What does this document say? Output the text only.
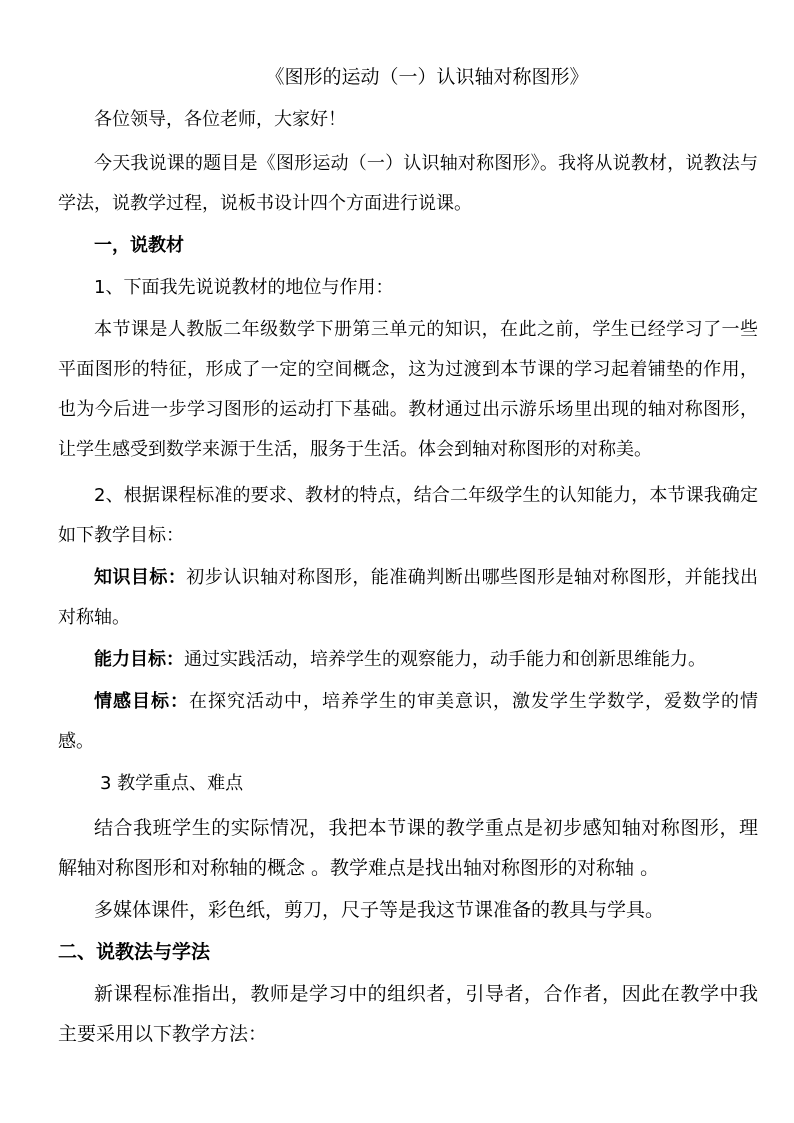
《图形的运动（一）认识轴对称图形》
各位领导，各位老师，大家好！
今天我说课的题目是《图形运动（一）认识轴对称图形》。我将从说教材，说教法与学法，说教学过程，说板书设计四个方面进行说课。
一，说教材
1、下面我先说说教材的地位与作用：
本节课是人教版二年级数学下册第三单元的知识，在此之前，学生已经学习了一些平面图形的特征，形成了一定的空间概念，这为过渡到本节课的学习起着铺垫的作用，也为今后进一步学习图形的运动打下基础。教材通过出示游乐场里出现的轴对称图形，让学生感受到数学来源于生活，服务于生活。体会到轴对称图形的对称美。
2、根据课程标准的要求、教材的特点，结合二年级学生的认知能力，本节课我确定如下教学目标：
知识目标：初步认识轴对称图形，能准确判断出哪些图形是轴对称图形，并能找出对称轴。
能力目标：通过实践活动，培养学生的观察能力，动手能力和创新思维能力。
情感目标：在探究活动中，培养学生的审美意识，激发学生学数学，爱数学的情感。
3 教学重点、难点
结合我班学生的实际情况，我把本节课的教学重点是初步感知轴对称图形，理解轴对称图形和对称轴的概念 。教学难点是找出轴对称图形的对称轴 。
多媒体课件，彩色纸，剪刀，尺子等是我这节课准备的教具与学具。
二、说教法与学法
新课程标准指出，教师是学习中的组织者，引导者，合作者，因此在教学中我主要采用以下教学方法：
